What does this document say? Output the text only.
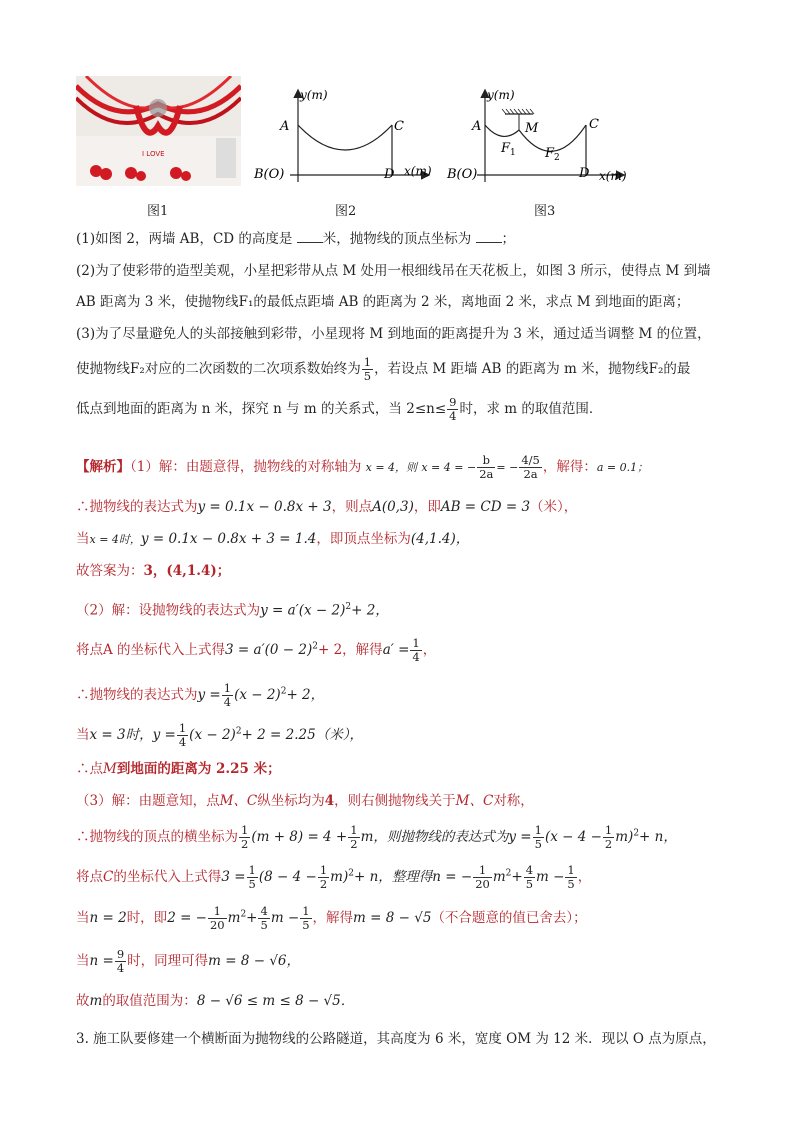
I LOVE
图1
y(m)
x(m)
A	C
D
B(O)
图2
y(m)
x(m)
A	C
D
M
F 1 F 2
B(O)
图3
(1)如图 2，两墙 AB，CD 的高度是 米，抛物线的顶点坐标为 ；
(2)为了使彩带的造型美观，小星把彩带从点 M 处用一根细线吊在天花板上，如图 3 所示，使得点 M 到墙
AB 距离为 3 米，使抛物线F₁的最低点距墙 AB 的距离为 2 米，离地面 2 米，求点 M 到地面的距离；
(3)为了尽量避免人的头部接触到彩带，小星现将 M 到地面的距离提升为 3 米，通过适当调整 M 的位置，
使抛物线F₂对应的二次函数的二次项系数始终为 $\frac{1}{5}$ ，若设点 M 距墙 AB 的距离为 m 米，抛物线F₂的最
低点到地面的距离为 n 米，探究 n 与 m 的关系式，当 $2\le n\le \frac{9}{4}$ 时，求 m 的取值范围．
【解析】（1）解：由题意得，抛物线的对称轴为 x = 4，则 x = 4 = − $\frac{b}{2a}$ = − $\frac{4/5}{2a}$ ，解得：a = 0.1；
∴抛物线的表达式为y = 0.1x − 0.8x + 3，则点A(0,3)，即AB = CD = 3（米），
当x = 4时，y = 0.1x − 0.8x + 3 = 1.4，即顶点坐标为(4,1.4)，
故答案为：3，(4,1.4)；
（2）解：设抛物线的表达式为$y = a'(x - 2)^2+ 2$，
将点A 的坐标代入上式得$3 = a'(0 - 2)^2+ 2$，解得$a' = \frac{1}{4}$ ，
∴抛物线的表达式为$y = \frac{1}{4} (x - 2)^2+ 2$，
当x = 3时，$y = \frac{1}{4} (x - 2)^2+ 2 = 2.25$（米），
∴点M到地面的距离为 2.25 米；
（3）解：由题意知，点M、C纵坐标均为4，则右侧抛物线关于M、C对称，
∴抛物线的顶点的横坐标为 $\frac{1}{2} (m + 8) = 4 + \frac{1}{2}$ m，则抛物线的表达式为$y = \frac{1}{5} (x - 4 - \frac{1}{2} m)^2+ n$，
将点C的坐标代入上式得$3 = \frac{1}{5} (8 - 4 - \frac{1}{2} m)^2+ n$，整理得n = − $\frac{1}{20} m^2+ \frac{4}{5}$ $m - \frac{1}{5}$ ，
当n = 2时，即2 = − $\frac{1}{20} m^2+ \frac{4}{5}$ $m - \frac{1}{5}$ ，解得m = 8 − √5（不合题意的值已舍去）；
当$n = \frac{9}{4}$ 时，同理可得m = 8 − √6，
故m的取值范围为：8 − √6 ≤ m ≤ 8 − √5．
3. 施工队要修建一个横断面为抛物线的公路隧道，其高度为 6 米，宽度 OM 为 12 米．现以 O 点为原点，
